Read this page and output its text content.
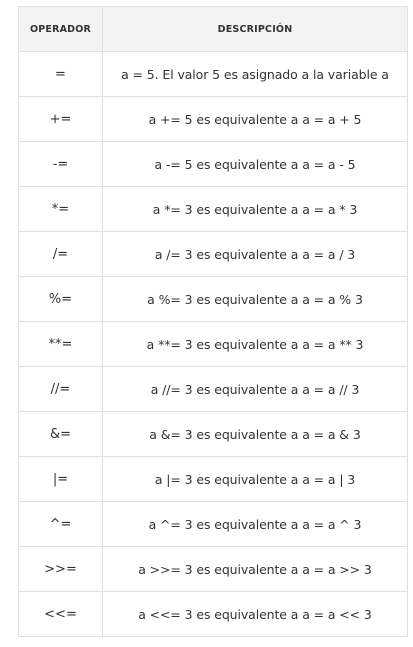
OPERADOR	DESCRIPCIÓN
=	a = 5. El valor 5 es asignado a la variable a
+=	a += 5 es equivalente a a = a + 5
-=	a -= 5 es equivalente a a = a - 5
*=	a *= 3 es equivalente a a = a * 3
/=	a /= 3 es equivalente a a = a / 3
%=	a %= 3 es equivalente a a = a % 3
**=	a **= 3 es equivalente a a = a ** 3
//=	a //= 3 es equivalente a a = a // 3
&=	a &= 3 es equivalente a a = a & 3
|=	a |= 3 es equivalente a a = a | 3
^=	a ^= 3 es equivalente a a = a ^ 3
>>=	a >>= 3 es equivalente a a = a >> 3
<<=	a <<= 3 es equivalente a a = a << 3
